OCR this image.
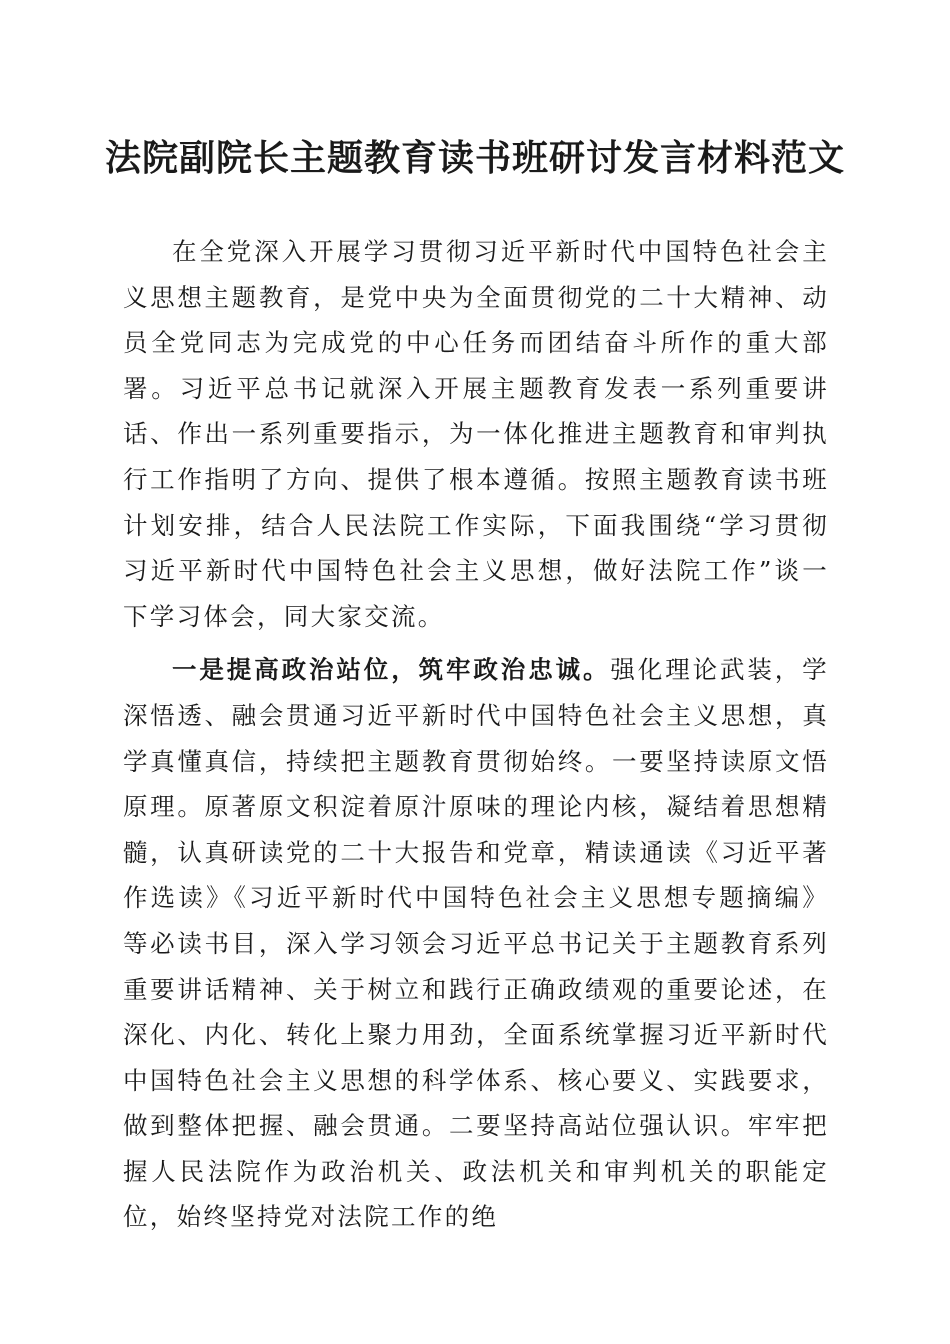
法院副院长主题教育读书班研讨发言材料范文

在全党深入开展学习贯彻习近平新时代中国特色社会主义思想主题教育，是党中央为全面贯彻党的二十大精神、动员全党同志为完成党的中心任务而团结奋斗所作的重大部署。习近平总书记就深入开展主题教育发表一系列重要讲话、作出一系列重要指示，为一体化推进主题教育和审判执行工作指明了方向、提供了根本遵循。按照主题教育读书班计划安排，结合人民法院工作实际，下面我围绕“学习贯彻习近平新时代中国特色社会主义思想，做好法院工作”谈一下学习体会，同大家交流。

一是提高政治站位，筑牢政治忠诚。强化理论武装，学深悟透、融会贯通习近平新时代中国特色社会主义思想，真学真懂真信，持续把主题教育贯彻始终。一要坚持读原文悟原理。原著原文积淀着原汁原味的理论内核，凝结着思想精髓，认真研读党的二十大报告和党章，精读通读《习近平著作选读》《习近平新时代中国特色社会主义思想专题摘编》等必读书目，深入学习领会习近平总书记关于主题教育系列重要讲话精神、关于树立和践行正确政绩观的重要论述，在深化、内化、转化上聚力用劲，全面系统掌握习近平新时代中国特色社会主义思想的科学体系、核心要义、实践要求，做到整体把握、融会贯通。二要坚持高站位强认识。牢牢把握人民法院作为政治机关、政法机关和审判机关的职能定位，始终坚持党对法院工作的绝
